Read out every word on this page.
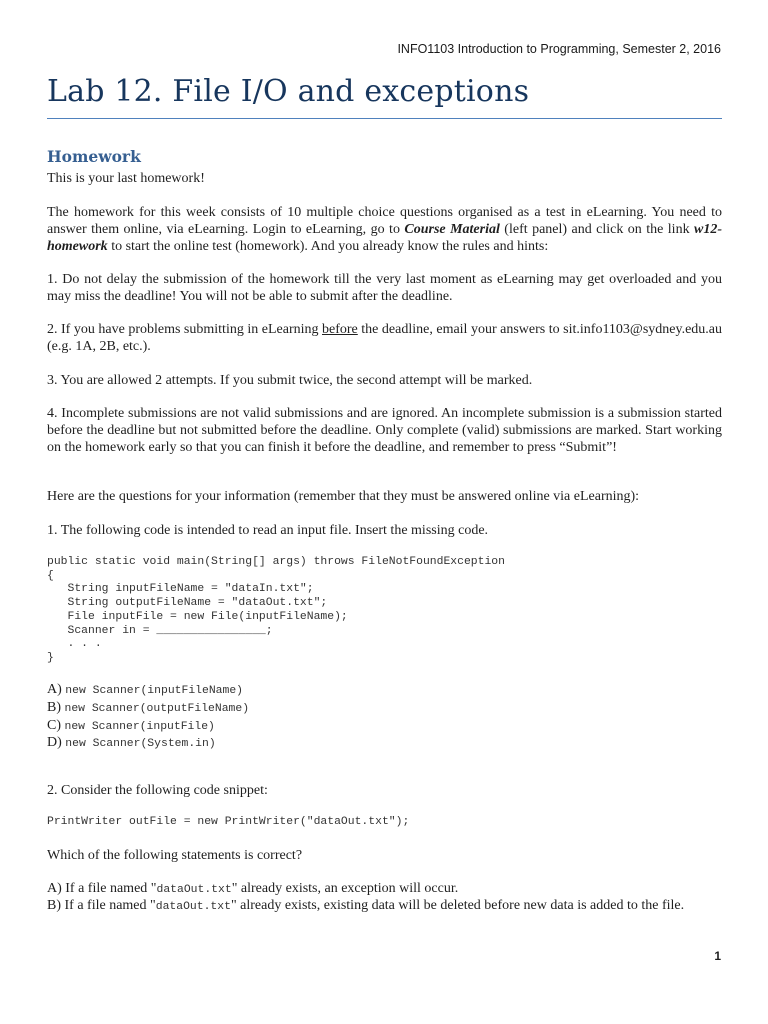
INFO1103 Introduction to Programming, Semester 2, 2016
Lab 12. File I/O and exceptions
Homework

This is your last homework!

The homework for this week consists of 10 multiple choice questions organised as a test in eLearning. You need to answer them online, via eLearning. Login to eLearning, go to Course Material (left panel) and click on the link w12-homework to start the online test (homework). And you already know the rules and hints:

1. Do not delay the submission of the homework till the very last moment as eLearning may get overloaded and you may miss the deadline! You will not be able to submit after the deadline.

2. If you have problems submitting in eLearning before the deadline, email your answers to sit.info1103@sydney.edu.au (e.g. 1A, 2B, etc.).

3. You are allowed 2 attempts. If you submit twice, the second attempt will be marked.

4. Incomplete submissions are not valid submissions and are ignored. An incomplete submission is a submission started before the deadline but not submitted before the deadline. Only complete (valid) submissions are marked. Start working on the homework early so that you can finish it before the deadline, and remember to press “Submit”!

Here are the questions for your information (remember that they must be answered online via eLearning):

1. The following code is intended to read an input file. Insert the missing code.

public static void main(String[] args) throws FileNotFoundException
{
String inputFileName = "dataIn.txt";
String outputFileName = "dataOut.txt";
File inputFile = new File(inputFileName);
Scanner in = ________________;
. . .
}
A) new Scanner(inputFileName)
B) new Scanner(outputFileName)
C) new Scanner(inputFile)
D) new Scanner(System.in)

2. Consider the following code snippet:

PrintWriter outFile = new PrintWriter("dataOut.txt");

Which of the following statements is correct?

A) If a file named "dataOut.txt" already exists, an exception will occur.

B) If a file named "dataOut.txt" already exists, existing data will be deleted before new data is added to the file.

1
